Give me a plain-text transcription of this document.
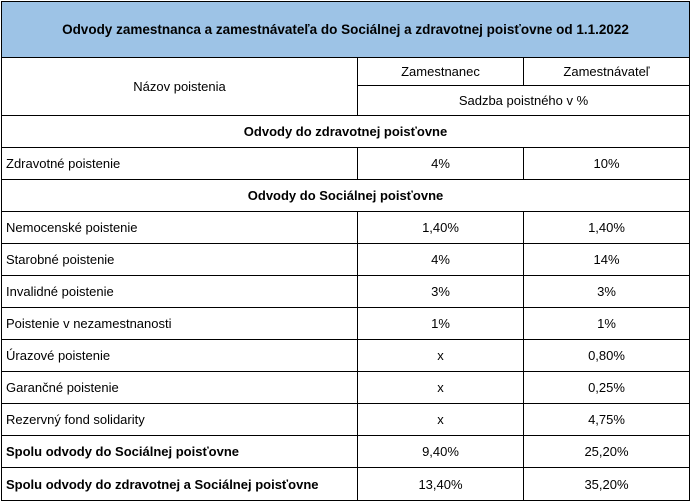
Odvody zamestnanca a zamestnávateľa do Sociálnej a zdravotnej poisťovne od 1.1.2022		
Názov poistenia	Zamestnanec	Zamestnávateľ
	Sadzba poistného v %	
Odvody do zdravotnej poisťovne		
Zdravotné poistenie	4%	10%
Odvody do Sociálnej poisťovne		
Nemocenské poistenie	1,40%	1,40%
Starobné poistenie	4%	14%
Invalidné poistenie	3%	3%
Poistenie v nezamestnanosti	1%	1%
Úrazové poistenie	x	0,80%
Garančné poistenie	x	0,25%
Rezervný fond solidarity	x	4,75%
Spolu odvody do Sociálnej poisťovne	9,40%	25,20%
Spolu odvody do zdravotnej a Sociálnej poisťovne	13,40%	35,20%
